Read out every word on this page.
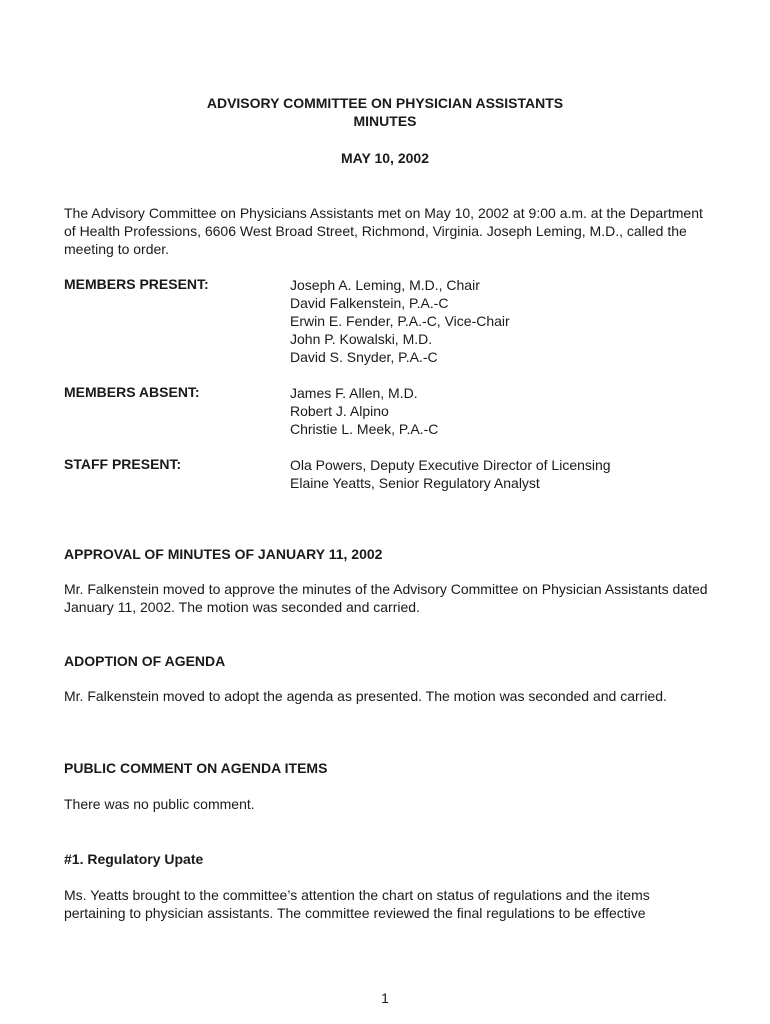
ADVISORY COMMITTEE ON PHYSICIAN ASSISTANTS
MINUTES
MAY 10, 2002
The Advisory Committee on Physicians Assistants met on May 10, 2002 at 9:00 a.m. at the Department of Health Professions, 6606 West Broad Street, Richmond, Virginia. Joseph Leming, M.D., called the meeting to order.
MEMBERS PRESENT:	Joseph A. Leming, M.D., Chair
David Falkenstein, P.A.-C
Erwin E. Fender, P.A.-C, Vice-Chair
John P. Kowalski, M.D.
David S. Snyder, P.A.-C
MEMBERS ABSENT:	James F. Allen, M.D.
Robert J. Alpino
Christie L. Meek, P.A.-C
STAFF PRESENT:	Ola Powers, Deputy Executive Director of Licensing
Elaine Yeatts, Senior Regulatory Analyst
APPROVAL OF MINUTES OF JANUARY 11, 2002
Mr. Falkenstein moved to approve the minutes of the Advisory Committee on Physician Assistants dated January 11, 2002. The motion was seconded and carried.
ADOPTION OF AGENDA
Mr. Falkenstein moved to adopt the agenda as presented. The motion was seconded and carried.
PUBLIC COMMENT ON AGENDA ITEMS
There was no public comment.
#1. Regulatory Upate
Ms. Yeatts brought to the committee’s attention the chart on status of regulations and the items pertaining to physician assistants. The committee reviewed the final regulations to be effective
1
